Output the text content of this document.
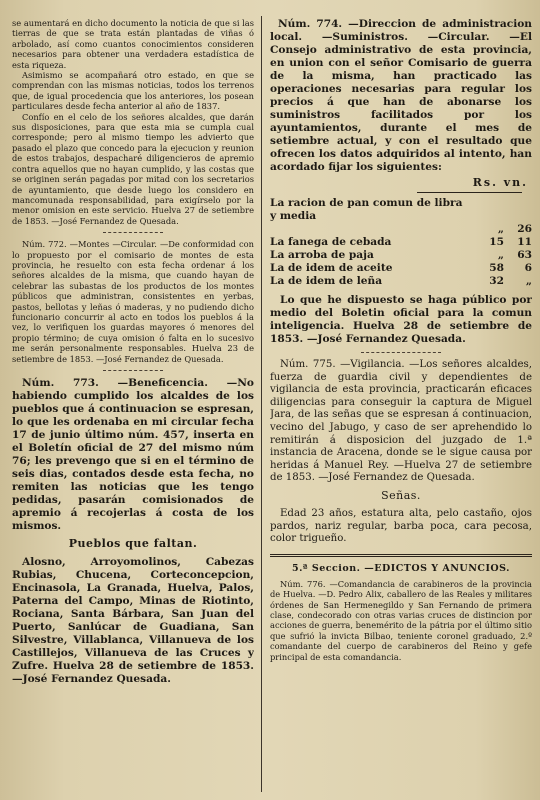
se aumentará en dicho documento la noticia de que si las tierras de que se trata están plantadas de viñas ó arbolado, así como cuantos conocimientos consideren necesarios para obtener una verdadera estadística de esta riqueza.

Asimismo se acompañará otro estado, en que se comprendan con las mismas noticias, todos los terrenos que, de igual procedencia que los anteriores, los posean particulares desde fecha anterior al año de 1837.

Confío en el celo de los señores alcaldes, que darán sus disposiciones, para que esta mia se cumpla cual corresponde; pero al mismo tiempo les advierto que pasado el plazo que concedo para la ejecucion y reunion de estos trabajos, despacharé diligencieros de apremio contra aquellos que no hayan cumplido, y las costas que se originen serán pagadas por mitad con los secretarios de ayuntamiento, que desde luego los considero en mancomunada responsabilidad, para exigírselo por la menor omision en este servicio. Huelva 27 de setiembre de 1853. —José Fernandez de Quesada.

Núm. 772. —Montes —Circular. —De conformidad con lo propuesto por el comisario de montes de esta provincia, he resuelto con esta fecha ordenar á los señores alcaldes de la misma, que cuando hayan de celebrar las subastas de los productos de los montes públicos que administran, consistentes en yerbas, pastos, bellotas y leñas ó maderas, y no pudiendo dicho funcionario concurrir al acto en todos los pueblos á la vez, lo verifiquen los guardas mayores ó menores del propio término; de cuya omision ó falta en lo sucesivo me serán personalmente responsables. Huelva 23 de setiembre de 1853. —José Fernandez de Quesada.

Núm. 773. —Beneficencia. —No habiendo cumplido los alcaldes de los pueblos que á continuacion se espresan, lo que les ordenaba en mi circular fecha 17 de junio último núm. 457, inserta en el Boletín oficial de 27 del mismo núm 76; les prevengo que si en el término de seis dias, contados desde esta fecha, no remiten las noticias que les tengo pedidas, pasarán comisionados de apremio á recojerlas á costa de los mismos.

Pueblos que faltan.

Alosno, Arroyomolinos, Cabezas Rubias, Chucena, Corteconcepcion, Encinasola, La Granada, Huelva, Palos, Paterna del Campo, Minas de Riotinto, Rociana, Santa Bárbara, San Juan del Puerto, Sanlúcar de Guadiana, San Silvestre, Villablanca, Villanueva de los Castillejos, Villanueva de las Cruces y Zufre. Huelva 28 de setiembre de 1853. —José Fernandez Quesada.

Núm. 774. —Direccion de administracion local. —Suministros. —Circular. —El Consejo administrativo de esta provincia, en union con el señor Comisario de guerra de la misma, han practicado las operaciones necesarias para regular los precios á que han de abonarse los suministros facilitados por los ayuntamientos, durante el mes de setiembre actual, y con el resultado que ofrecen los datos adquiridos al intento, han acordado fijar los siguientes:

Rs. vn.
La racion de pan comun de libra y media		
	„	26
La fanega de cebada	15	11
La arroba de paja	„	63
La de idem de aceite	58	6
La de idem de leña	32	„

Lo que he dispuesto se haga público por medio del Boletin oficial para la comun inteligencia. Huelva 28 de setiembre de 1853. —José Fernandez Quesada.

Núm. 775. —Vigilancia. —Los señores alcaldes, fuerza de guardia civil y dependientes de vigilancia de esta provincia, practicarán eficaces diligencias para conseguir la captura de Miguel Jara, de las señas que se espresan á continuacion, vecino del Jabugo, y caso de ser aprehendido lo remitirán á disposicion del juzgado de 1.ª instancia de Aracena, donde se le sigue causa por heridas á Manuel Rey. —Huelva 27 de setiembre de 1853. —José Fernandez de Quesada.

Señas.

Edad 23 años, estatura alta, pelo castaño, ojos pardos, nariz regular, barba poca, cara pecosa, color trigueño.

5.ª Seccion. —EDICTOS Y ANUNCIOS.

Núm. 776. —Comandancia de carabineros de la provincia de Huelva. —D. Pedro Alix, caballero de las Reales y militares órdenes de San Hermenegildo y San Fernando de primera clase, condecorado con otras varias cruces de distincion por acciones de guerra, benemérito de la pátria por el último sitio que sufrió la invicta Bilbao, teniente coronel graduado, 2.º comandante del cuerpo de carabineros del Reino y gefe principal de esta comandancia.
